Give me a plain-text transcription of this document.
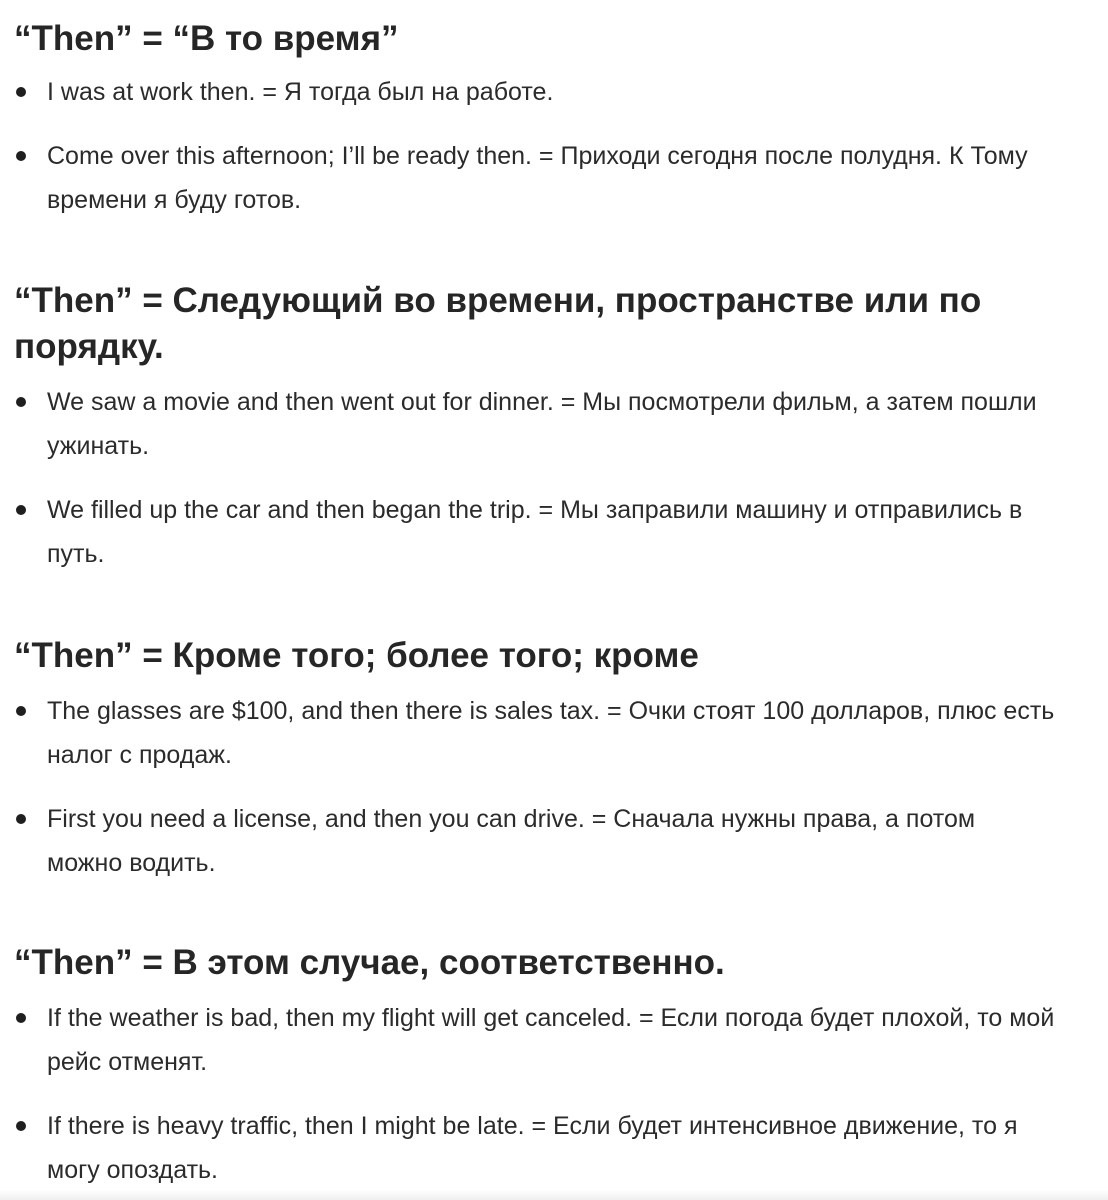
“Then” = “В то время”
I was at work then. = Я тогда был на работе.
Come over this afternoon; I’ll be ready then. = Приходи сегодня после полудня. К Тому времени я буду готов.
“Then” = Следующий во времени, пространстве или по порядку.
We saw a movie and then went out for dinner. = Мы посмотрели фильм, а затем пошли ужинать.
We filled up the car and then began the trip. = Мы заправили машину и отправились в путь.
“Then” = Кроме того; более того; кроме
The glasses are $100, and then there is sales tax. = Очки стоят 100 долларов, плюс есть налог с продаж.
First you need a license, and then you can drive. = Сначала нужны права, а потом можно водить.
“Then” = В этом случае, соответственно.
If the weather is bad, then my flight will get canceled. = Если погода будет плохой, то мой рейс отменят.
If there is heavy traffic, then I might be late. = Если будет интенсивное движение, то я могу опоздать.
